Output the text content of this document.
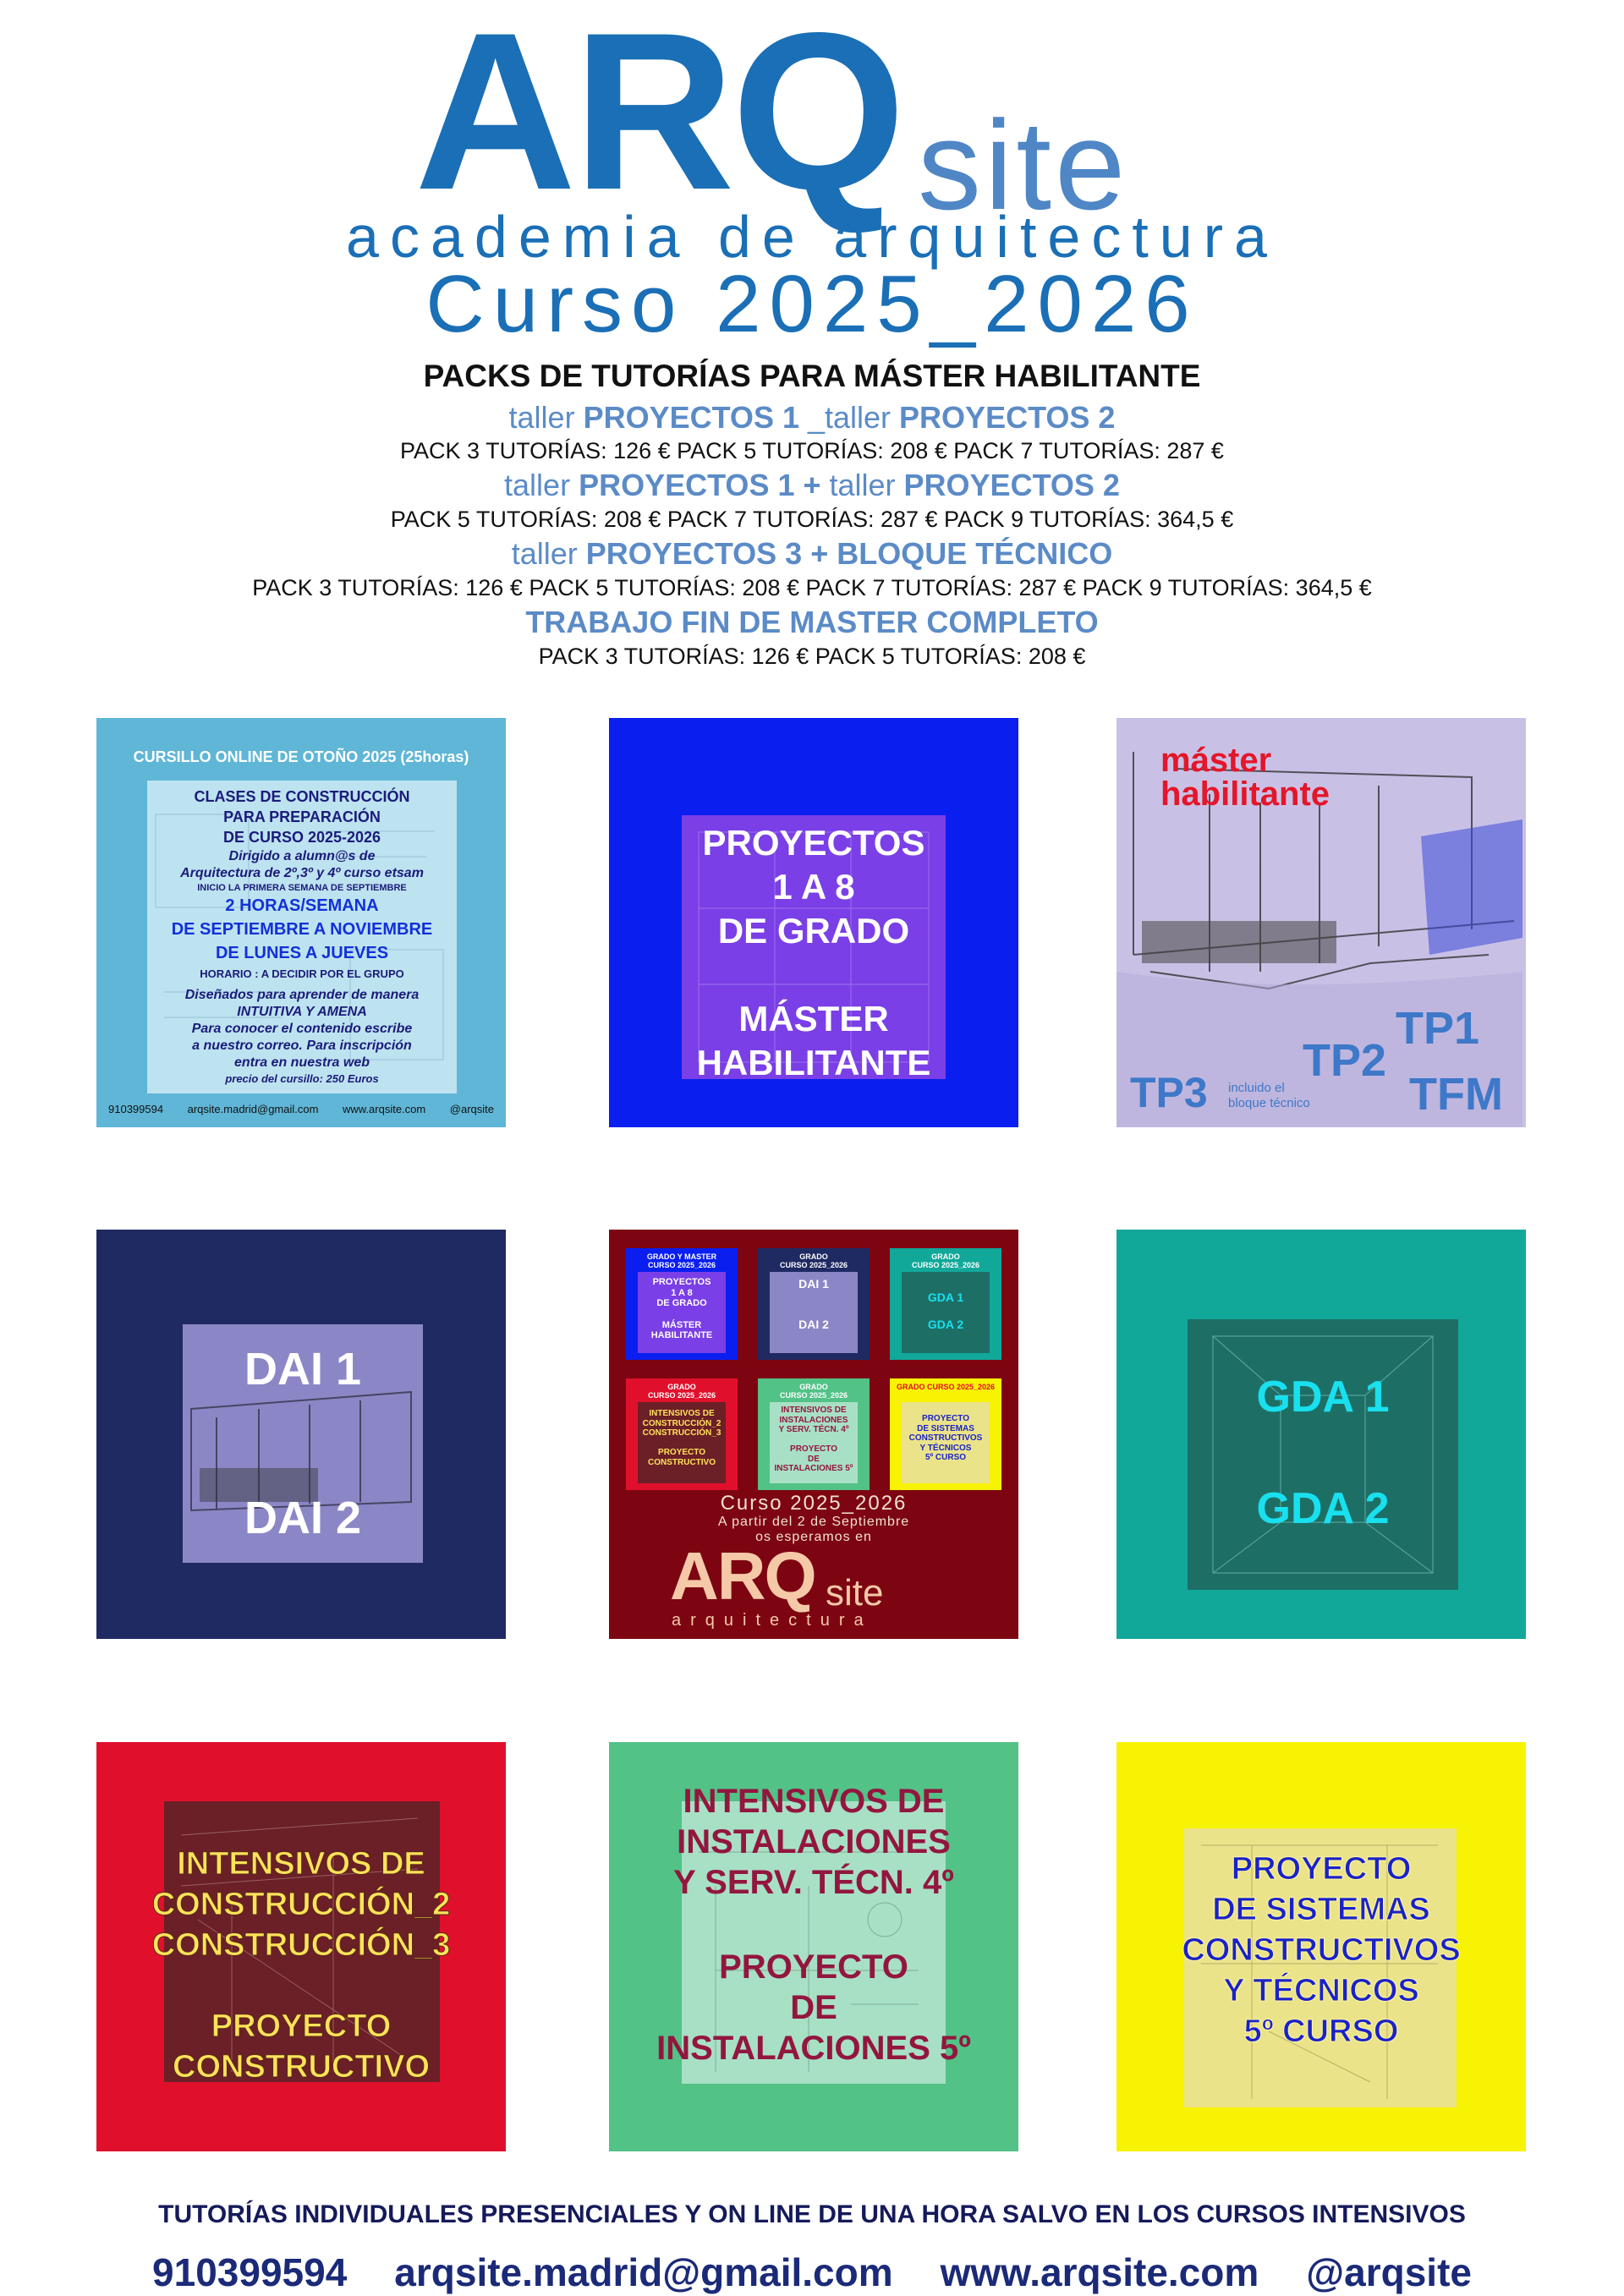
ARQ site
academia de arquitectura
Curso 2025_2026
PACKS DE TUTORÍAS PARA MÁSTER HABILITANTE
taller PROYECTOS 1 _taller PROYECTOS 2
PACK 3 TUTORÍAS: 126 € PACK 5 TUTORÍAS: 208 € PACK 7 TUTORÍAS: 287 €
taller PROYECTOS 1 + taller PROYECTOS 2
PACK 5 TUTORÍAS: 208 € PACK 7 TUTORÍAS: 287 € PACK 9 TUTORÍAS: 364,5 €
taller PROYECTOS 3 + BLOQUE TÉCNICO
PACK 3 TUTORÍAS: 126 € PACK 5 TUTORÍAS: 208 € PACK 7 TUTORÍAS: 287 € PACK 9 TUTORÍAS: 364,5 €
TRABAJO FIN DE MASTER COMPLETO
PACK 3 TUTORÍAS: 126 € PACK 5 TUTORÍAS: 208 €
CURSILLO ONLINE DE OTOÑO 2025 (25horas)
CLASES DE CONSTRUCCIÓN
PARA PREPARACIÓN
DE CURSO 2025-2026
Dirigido a alumn@s de
Arquitectura de 2º,3º y 4º curso etsam
INICIO LA PRIMERA SEMANA DE SEPTIEMBRE
2 HORAS/SEMANA
DE SEPTIEMBRE A NOVIEMBRE
DE LUNES A JUEVES
HORARIO : A DECIDIR POR EL GRUPO
Diseñados para aprender de manera
INTUITIVA Y AMENA
Para conocer el contenido escribe
a nuestro correo. Para inscripción
entra en nuestra web
precio del cursillo: 250 Euros
910399594 arqsite.madrid@gmail.com www.arqsite.com @arqsite
PROYECTOS
1 A 8
DE GRADO
MÁSTER
HABILITANTE
máster
habilitante
TP1
TP2
TP3 incluido el
bloque técnico TFM
DAI 1
DAI 2
GRADO Y MASTER
CURSO 2025_2026
PROYECTOS
1 A 8
DE GRADO

MÁSTER
HABILITANTE
GRADO
CURSO 2025_2026
DAI 1

DAI 2
GRADO
CURSO 2025_2026
GDA 1

GDA 2
GRADO
CURSO 2025_2026
INTENSIVOS DE
CONSTRUCCIÓN_2
CONSTRUCCIÓN_3

PROYECTO
CONSTRUCTIVO
GRADO
CURSO 2025_2026
INTENSIVOS DE
INSTALACIONES
Y SERV. TÉCN. 4º

PROYECTO
DE
INSTALACIONES 5º
GRADO CURSO 2025_2026
PROYECTO
DE SISTEMAS
CONSTRUCTIVOS
Y TÉCNICOS
5º CURSO
Curso 2025_2026
A partir del 2 de Septiembre
os esperamos en
ARQ site
arquitectura
GDA 1
GDA 2
INTENSIVOS DE
CONSTRUCCIÓN_2
CONSTRUCCIÓN_3
PROYECTO
CONSTRUCTIVO
INTENSIVOS DE
INSTALACIONES
Y SERV. TÉCN. 4º
PROYECTO
DE
INSTALACIONES 5º
PROYECTO
DE SISTEMAS
CONSTRUCTIVOS
Y TÉCNICOS
5º CURSO
TUTORÍAS INDIVIDUALES PRESENCIALES Y ON LINE DE UNA HORA SALVO EN LOS CURSOS INTENSIVOS
910399594 arqsite.madrid@gmail.com www.arqsite.com @arqsite
